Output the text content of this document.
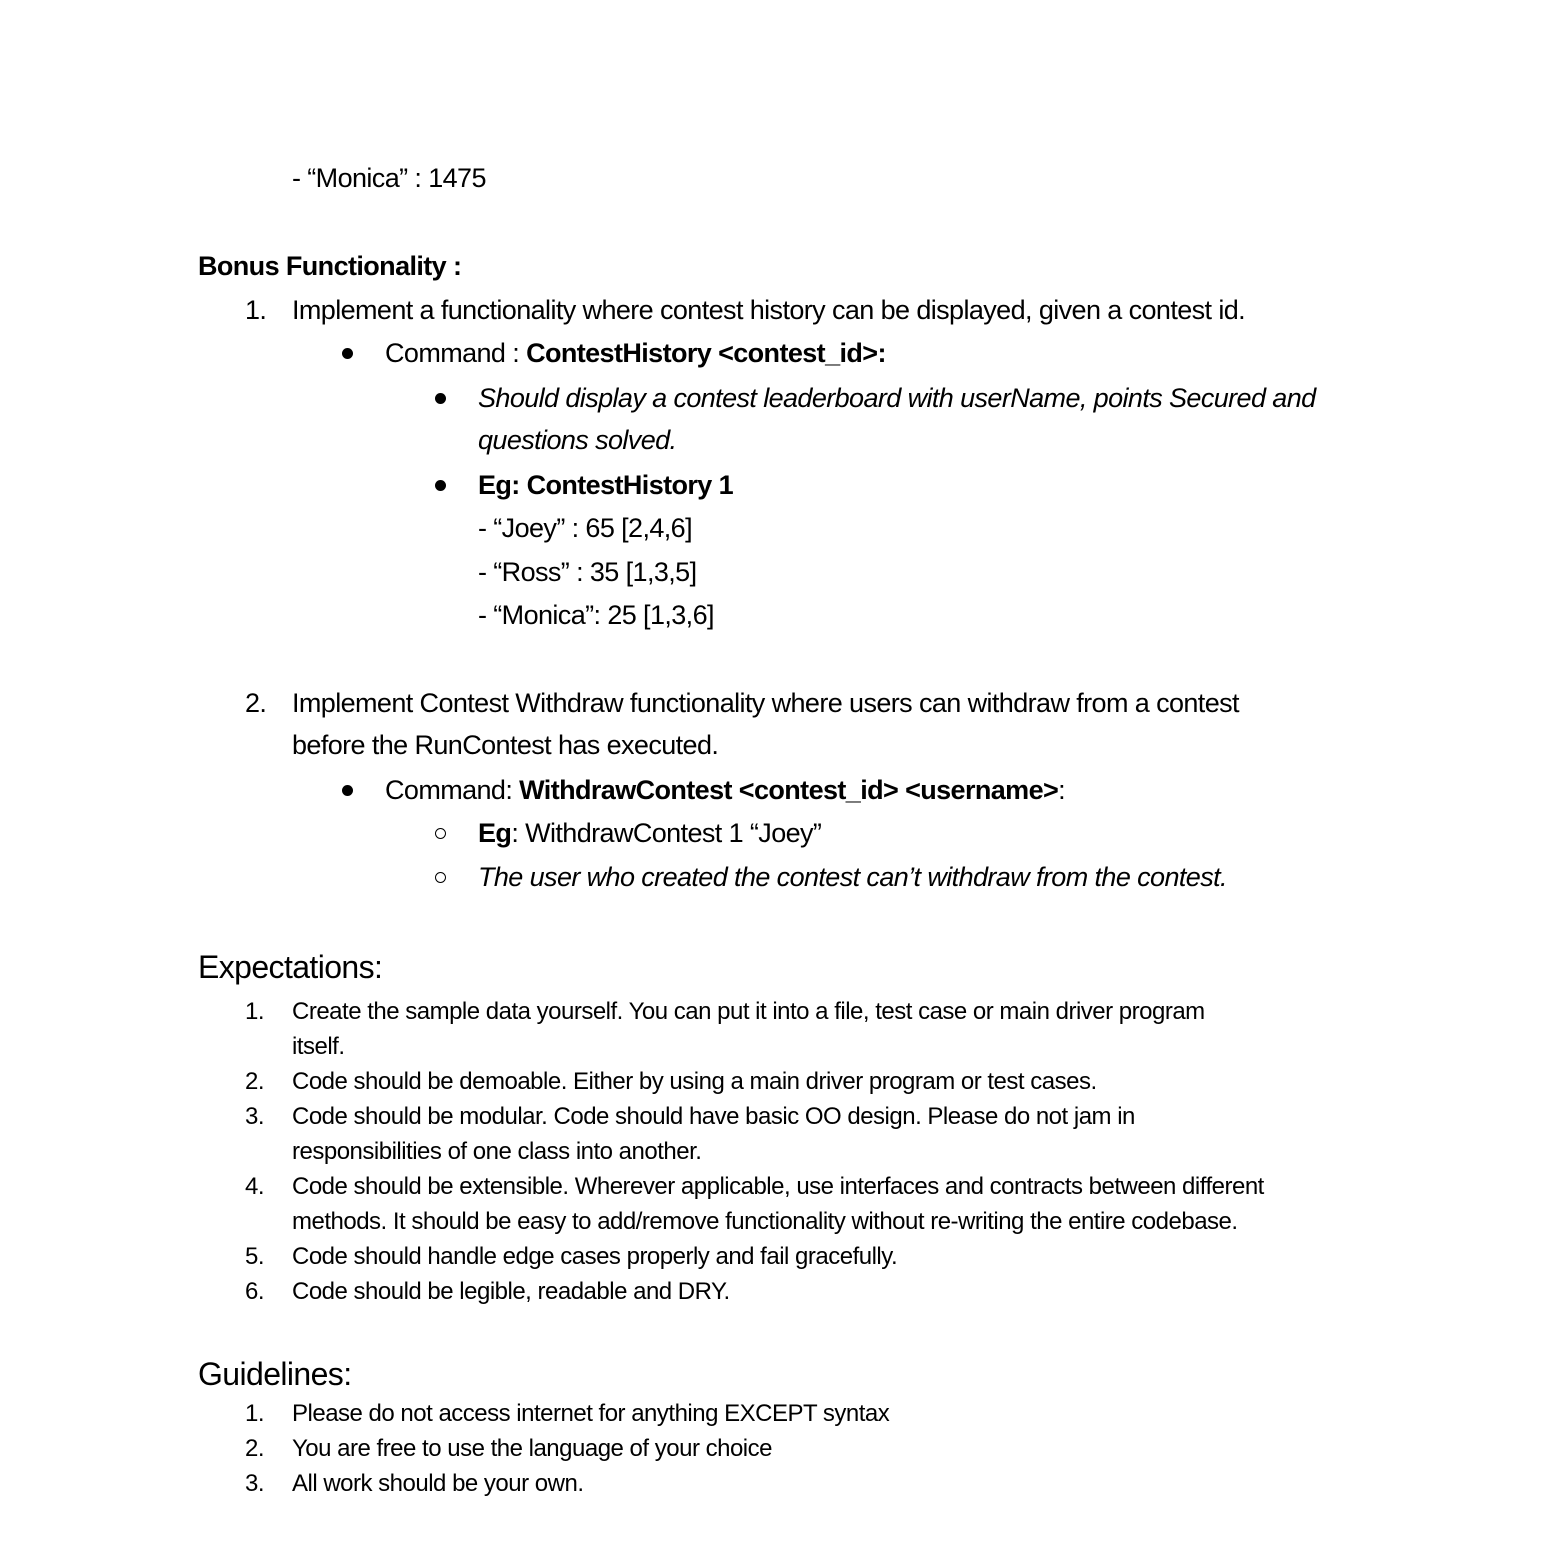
- “Monica” : 1475
Bonus Functionality :
1. Implement a functionality where contest history can be displayed, given a contest id.
Command : ContestHistory <contest_id>:
Should display a contest leaderboard with userName, points Secured and
questions solved.
Eg: ContestHistory 1
- “Joey” : 65 [2,4,6]
- “Ross” : 35 [1,3,5]
- “Monica”: 25 [1,3,6]
2. Implement Contest Withdraw functionality where users can withdraw from a contest
before the RunContest has executed.
Command: WithdrawContest <contest_id> <username>:
Eg: WithdrawContest 1 “Joey”
The user who created the contest can’t withdraw from the contest.
Expectations:
1. Create the sample data yourself. You can put it into a file, test case or main driver program
itself.
2. Code should be demoable. Either by using a main driver program or test cases.
3. Code should be modular. Code should have basic OO design. Please do not jam in
responsibilities of one class into another.
4. Code should be extensible. Wherever applicable, use interfaces and contracts between different
methods. It should be easy to add/remove functionality without re-writing the entire codebase.
5. Code should handle edge cases properly and fail gracefully.
6. Code should be legible, readable and DRY.
Guidelines:
1. Please do not access internet for anything EXCEPT syntax
2. You are free to use the language of your choice
3. All work should be your own.
